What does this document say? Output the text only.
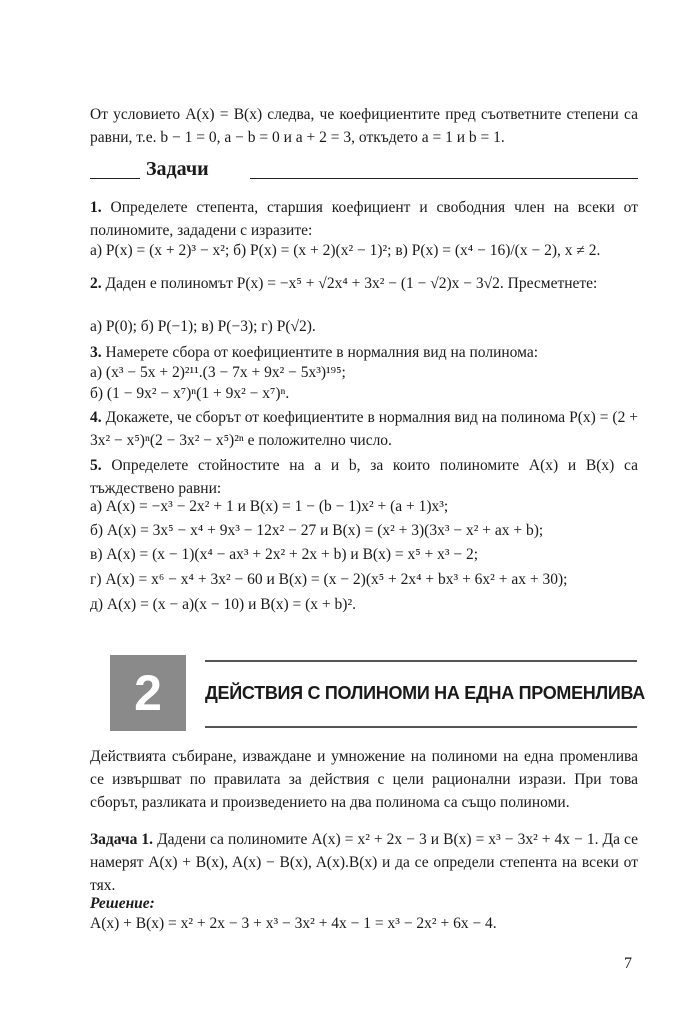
От условието A(x) = B(x) следва, че коефициентите пред съответните степени са равни, т.е. b − 1 = 0, a − b = 0 и a + 2 = 3, откъдето a = 1 и b = 1.

Задачи

1. Определете степента, старшия коефициент и свободния член на всеки от полиномите, зададени с изразите:

а) P(x) = (x + 2)³ − x²; б) P(x) = (x + 2)(x² − 1)²; в) P(x) = (x⁴ − 16)/(x − 2), x ≠ 2.

2. Даден е полиномът P(x) = −x⁵ + √2x⁴ + 3x² − (1 − √2)x − 3√2. Пресметнете:

а) P(0); б) P(−1); в) P(−3); г) P(√2).

3. Намерете сбора от коефициентите в нормалния вид на полинома:

а) (x³ − 5x + 2)²¹¹.(3 − 7x + 9x² − 5x³)¹⁹⁵;

б) (1 − 9x² − x⁷)ⁿ(1 + 9x² − x⁷)ⁿ.

4. Докажете, че сборът от коефициентите в нормалния вид на полинома P(x) = (2 + 3x² − x⁵)ⁿ(2 − 3x² − x⁵)²ⁿ е положително число.

5. Определете стойностите на a и b, за които полиномите A(x) и B(x) са тъждествено равни:

а) A(x) = −x³ − 2x² + 1 и B(x) = 1 − (b − 1)x² + (a + 1)x³;

б) A(x) = 3x⁵ − x⁴ + 9x³ − 12x² − 27 и B(x) = (x² + 3)(3x³ − x² + ax + b);

в) A(x) = (x − 1)(x⁴ − ax³ + 2x² + 2x + b) и B(x) = x⁵ + x³ − 2;

г) A(x) = x⁶ − x⁴ + 3x² − 60 и B(x) = (x − 2)(x⁵ + 2x⁴ + bx³ + 6x² + ax + 30);

д) A(x) = (x − a)(x − 10) и B(x) = (x + b)².

2	ДЕЙСТВИЯ С ПОЛИНОМИ НА ЕДНА ПРОМЕНЛИВА

Действията събиране, изваждане и умножение на полиноми на една променлива се извършват по правилата за действия с цели рационални изрази. При това сборът, разликата и произведението на два полинома са също полиноми.

Задача 1. Дадени са полиномите A(x) = x² + 2x − 3 и B(x) = x³ − 3x² + 4x − 1. Да се намерят A(x) + B(x), A(x) − B(x), A(x).B(x) и да се определи степента на всеки от тях.

Решение:

A(x) + B(x) = x² + 2x − 3 + x³ − 3x² + 4x − 1 = x³ − 2x² + 6x − 4.

7
